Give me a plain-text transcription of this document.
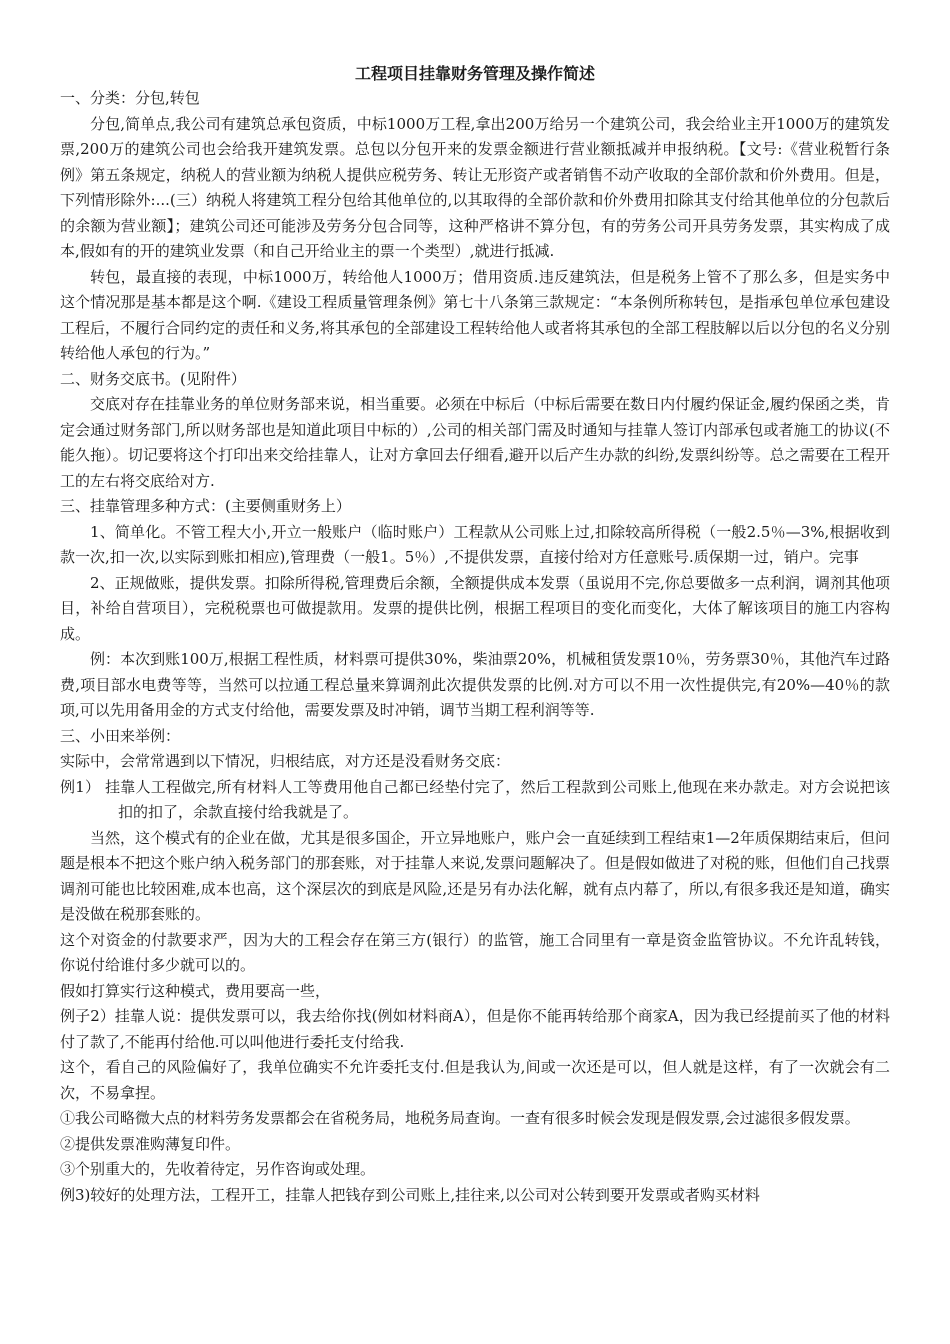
工程项目挂靠财务管理及操作简述

一、分类：分包,转包

分包,简单点,我公司有建筑总承包资质，中标1000万工程,拿出200万给另一个建筑公司，我会给业主开1000万的建筑发票,200万的建筑公司也会给我开建筑发票。总包以分包开来的发票金额进行营业额抵减并申报纳税。【文号:《营业税暂行条例》第五条规定，纳税人的营业额为纳税人提供应税劳务、转让无形资产或者销售不动产收取的全部价款和价外费用。但是，下列情形除外:...(三）纳税人将建筑工程分包给其他单位的,以其取得的全部价款和价外费用扣除其支付给其他单位的分包款后的余额为营业额】；建筑公司还可能涉及劳务分包合同等，这种严格讲不算分包，有的劳务公司开具劳务发票，其实构成了成本,假如有的开的建筑业发票（和自己开给业主的票一个类型）,就进行抵减.

转包，最直接的表现，中标1000万，转给他人1000万；借用资质.违反建筑法，但是税务上管不了那么多，但是实务中这个情况那是基本都是这个啊.《建设工程质量管理条例》第七十八条第三款规定：“本条例所称转包，是指承包单位承包建设工程后，不履行合同约定的责任和义务,将其承包的全部建设工程转给他人或者将其承包的全部工程肢解以后以分包的名义分别转给他人承包的行为。”

二、财务交底书。(见附件）

交底对存在挂靠业务的单位财务部来说，相当重要。必须在中标后（中标后需要在数日内付履约保证金,履约保函之类，肯定会通过财务部门,所以财务部也是知道此项目中标的）,公司的相关部门需及时通知与挂靠人签订内部承包或者施工的协议(不能久拖）。切记要将这个打印出来交给挂靠人，让对方拿回去仔细看,避开以后产生办款的纠纷,发票纠纷等。总之需要在工程开工的左右将交底给对方.

三、挂靠管理多种方式：(主要侧重财务上）

1、简单化。不管工程大小,开立一般账户（临时账户）工程款从公司账上过,扣除较高所得税（一般2.5％—3%,根据收到款一次,扣一次,以实际到账扣相应),管理费（一般1。5％）,不提供发票，直接付给对方任意账号.质保期一过，销户。完事

2、正规做账，提供发票。扣除所得税,管理费后余额，全额提供成本发票（虽说用不完,你总要做多一点利润，调剂其他项目，补给自营项目），完税税票也可做提款用。发票的提供比例，根据工程项目的变化而变化，大体了解该项目的施工内容构成。

例：本次到账100万,根据工程性质，材料票可提供30%，柴油票20%，机械租赁发票10％，劳务票30％，其他汽车过路费,项目部水电费等等，当然可以拉通工程总量来算调剂此次提供发票的比例.对方可以不用一次性提供完,有20%—40％的款项,可以先用备用金的方式支付给他，需要发票及时冲销，调节当期工程利润等等.

三、小田来举例：

实际中，会常常遇到以下情况，归根结底，对方还是没看财务交底：

例1） 挂靠人工程做完,所有材料人工等费用他自己都已经垫付完了，然后工程款到公司账上,他现在来办款走。对方会说把该扣的扣了，余款直接付给我就是了。

当然，这个模式有的企业在做，尤其是很多国企，开立异地账户，账户会一直延续到工程结束1—2年质保期结束后，但问题是根本不把这个账户纳入税务部门的那套账，对于挂靠人来说,发票问题解决了。但是假如做进了对税的账，但他们自己找票调剂可能也比较困难,成本也高，这个深层次的到底是风险,还是另有办法化解，就有点内幕了，所以,有很多我还是知道，确实是没做在税那套账的。

这个对资金的付款要求严，因为大的工程会存在第三方(银行）的监管，施工合同里有一章是资金监管协议。不允许乱转钱，你说付给谁付多少就可以的。

假如打算实行这种模式，费用要高一些，

例子2）挂靠人说：提供发票可以，我去给你找(例如材料商A），但是你不能再转给那个商家A，因为我已经提前买了他的材料付了款了,不能再付给他.可以叫他进行委托支付给我.

这个，看自己的风险偏好了，我单位确实不允许委托支付.但是我认为,间或一次还是可以，但人就是这样，有了一次就会有二次，不易拿捏。

①我公司略微大点的材料劳务发票都会在省税务局，地税务局查询。一查有很多时候会发现是假发票,会过滤很多假发票。

②提供发票准购薄复印件。

③个别重大的，先收着待定，另作咨询或处理。

例3)较好的处理方法，工程开工，挂靠人把钱存到公司账上,挂往来,以公司对公转到要开发票或者购买材料
